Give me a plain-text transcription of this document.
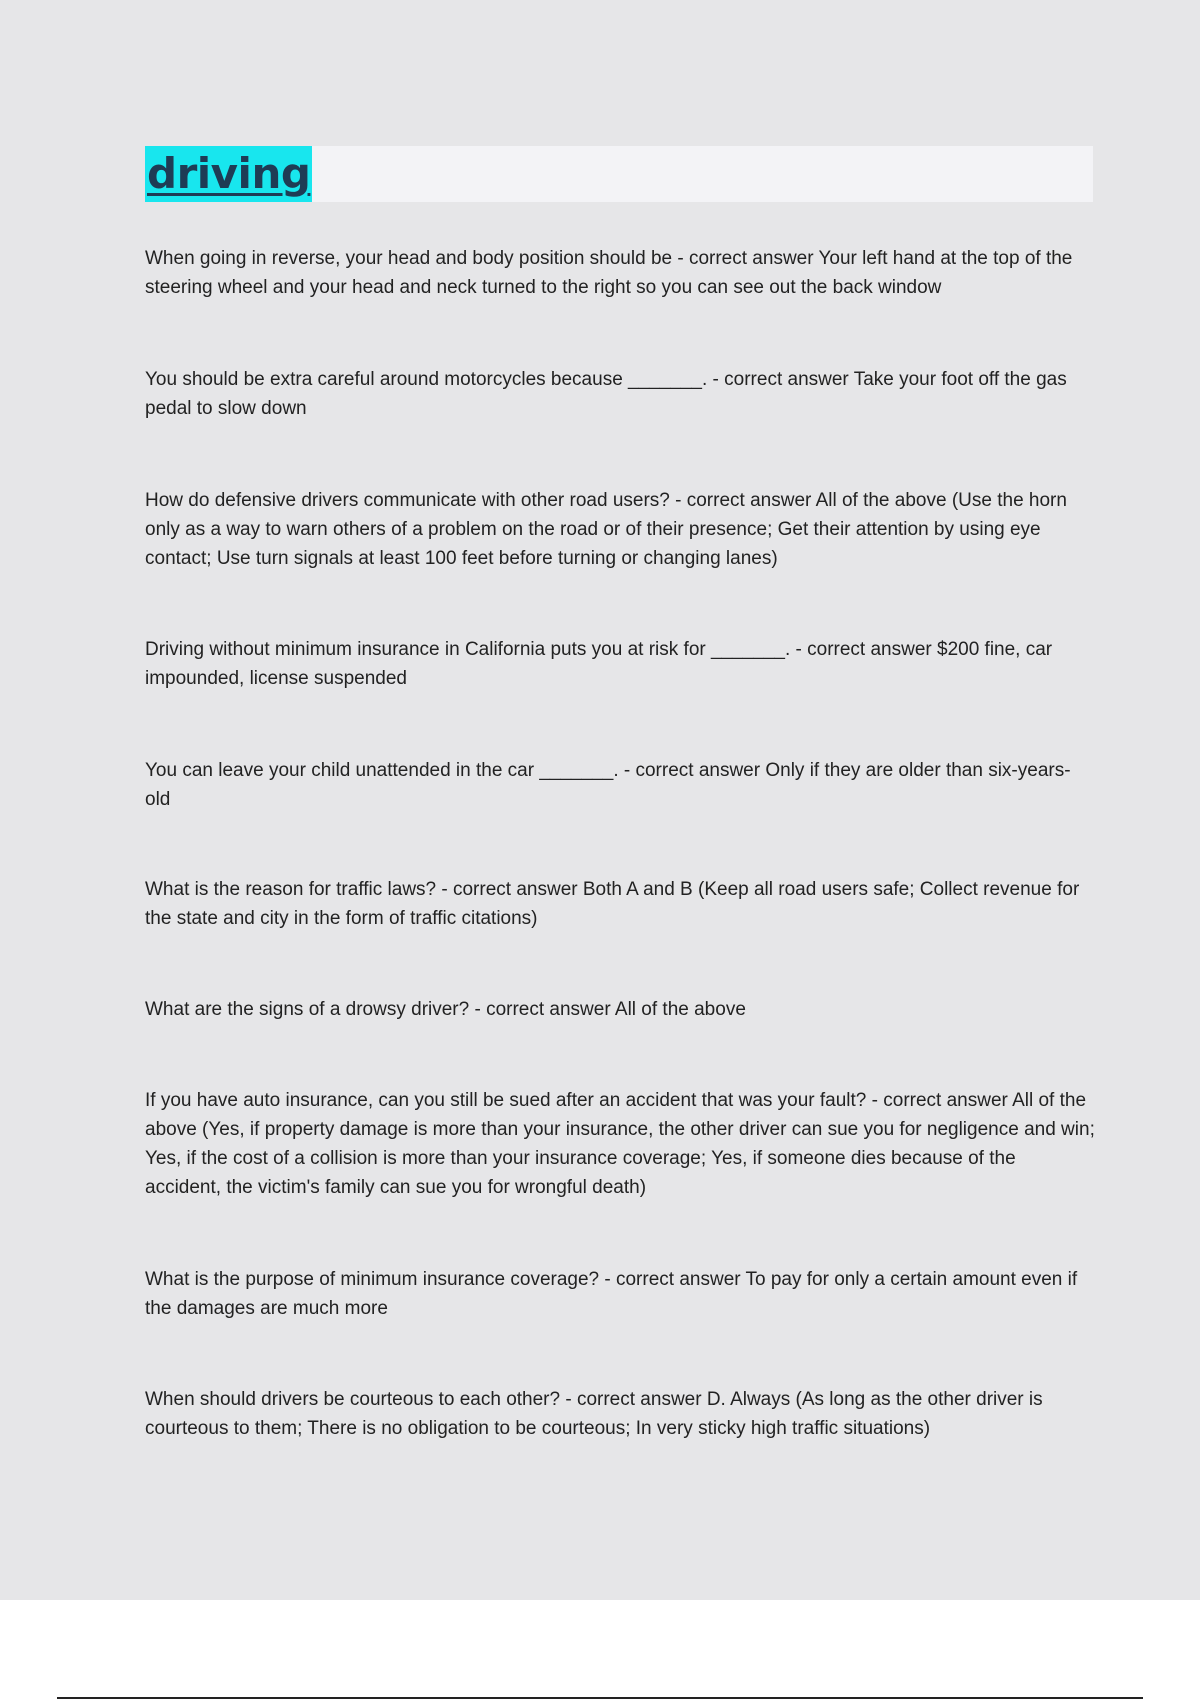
driving

When going in reverse, your head and body position should be - correct answer Your left hand at the top of the steering wheel and your head and neck turned to the right so you can see out the back window

You should be extra careful around motorcycles because _______. - correct answer Take your foot off the gas pedal to slow down

How do defensive drivers communicate with other road users? - correct answer All of the above (Use the horn only as a way to warn others of a problem on the road or of their presence; Get their attention by using eye contact; Use turn signals at least 100 feet before turning or changing lanes)

Driving without minimum insurance in California puts you at risk for _______. - correct answer $200 fine, car impounded, license suspended

You can leave your child unattended in the car _______. - correct answer Only if they are older than six-years-old

What is the reason for traffic laws? - correct answer Both A and B (Keep all road users safe; Collect revenue for the state and city in the form of traffic citations)

What are the signs of a drowsy driver? - correct answer All of the above

If you have auto insurance, can you still be sued after an accident that was your fault? - correct answer All of the above (Yes, if property damage is more than your insurance, the other driver can sue you for negligence and win; Yes, if the cost of a collision is more than your insurance coverage; Yes, if someone dies because of the accident, the victim's family can sue you for wrongful death)

What is the purpose of minimum insurance coverage? - correct answer To pay for only a certain amount even if the damages are much more

When should drivers be courteous to each other? - correct answer D. Always (As long as the other driver is courteous to them; There is no obligation to be courteous; In very sticky high traffic situations)
